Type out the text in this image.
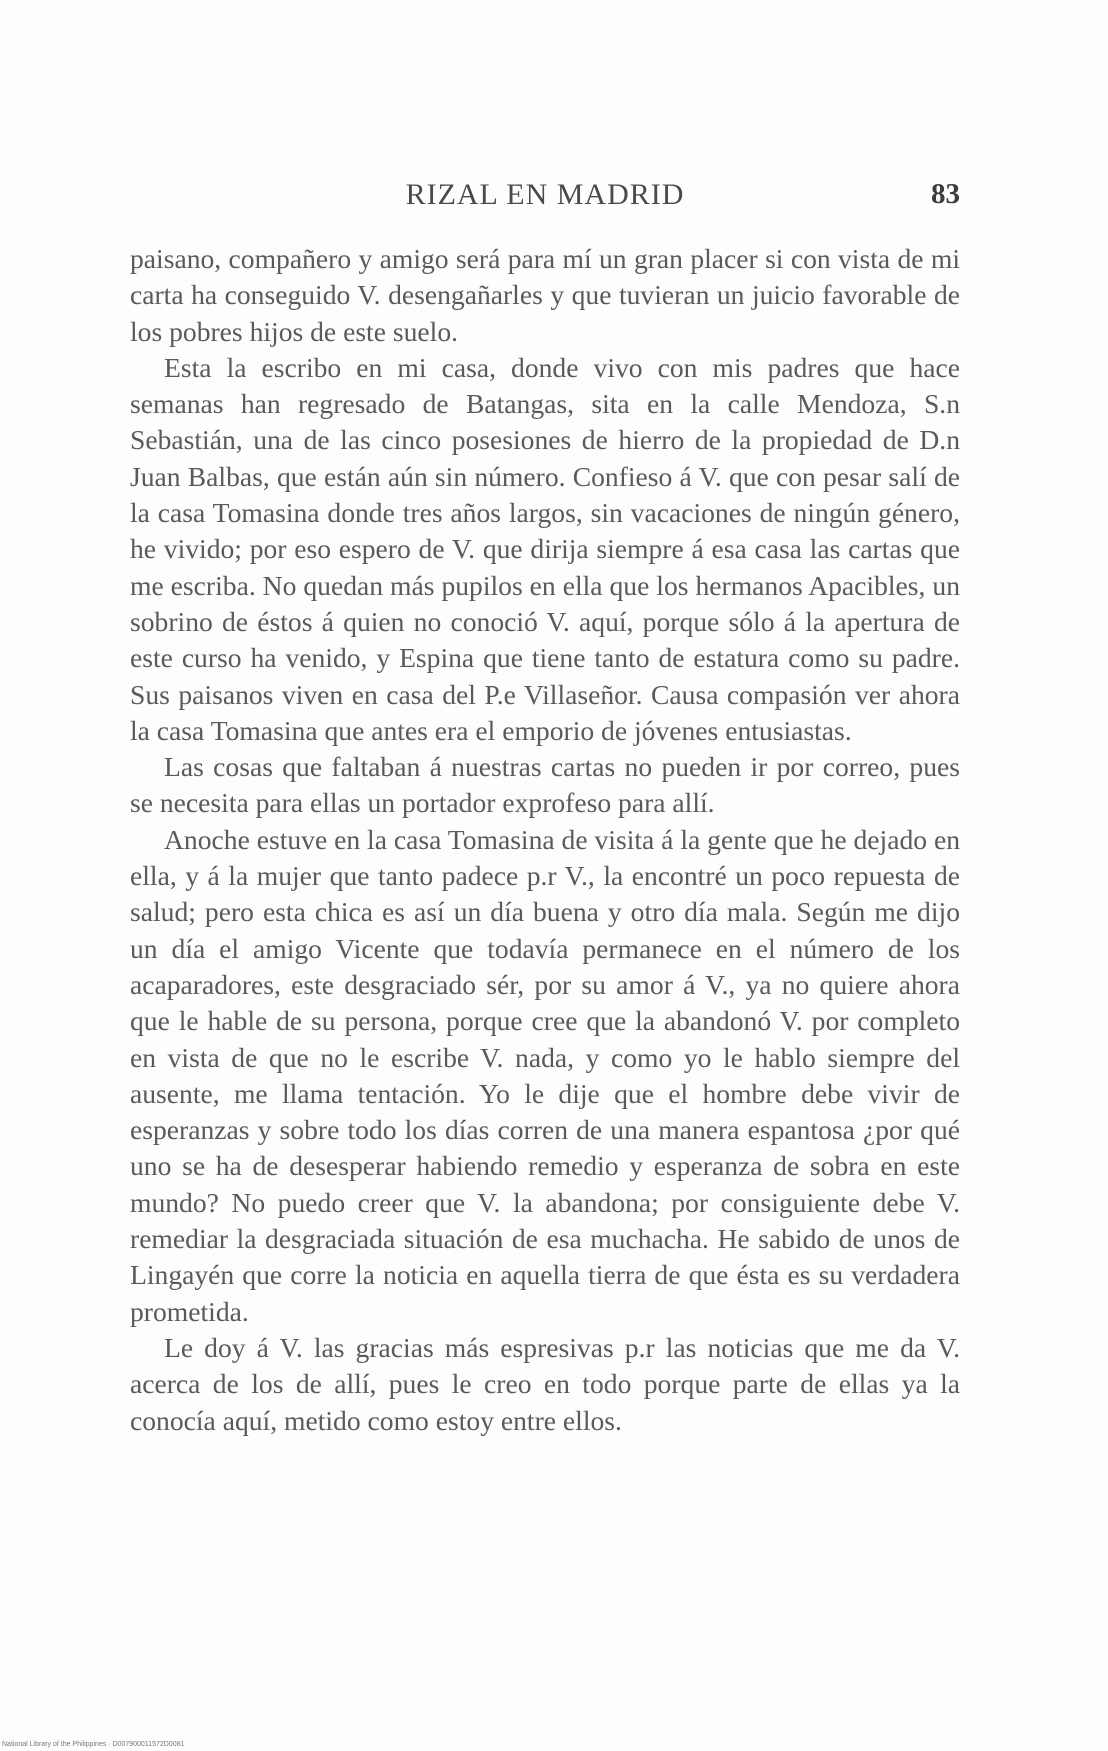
RIZAL EN MADRID	83

paisano, compañero y amigo será para mí un gran placer si con vista de mi carta ha conseguido V. desengañarles y que tuvieran un juicio favorable de los pobres hijos de este suelo.

Esta la escribo en mi casa, donde vivo con mis padres que hace semanas han regresado de Batangas, sita en la calle Mendoza, S.n Sebastián, una de las cinco posesiones de hierro de la propiedad de D.n Juan Balbas, que están aún sin número. Confieso á V. que con pesar salí de la casa Tomasina donde tres años largos, sin vacaciones de ningún género, he vivido; por eso espero de V. que dirija siempre á esa casa las cartas que me escriba. No quedan más pupilos en ella que los hermanos Apacibles, un sobrino de éstos á quien no conoció V. aquí, porque sólo á la apertura de este curso ha venido, y Espina que tiene tanto de estatura como su padre. Sus paisanos viven en casa del P.e Villaseñor. Causa compasión ver ahora la casa Tomasina que antes era el emporio de jóvenes entusiastas.

Las cosas que faltaban á nuestras cartas no pueden ir por correo, pues se necesita para ellas un portador exprofeso para allí.

Anoche estuve en la casa Tomasina de visita á la gente que he dejado en ella, y á la mujer que tanto padece p.r V., la encontré un poco repuesta de salud; pero esta chica es así un día buena y otro día mala. Según me dijo un día el amigo Vicente que todavía permanece en el número de los acaparadores, este desgraciado sér, por su amor á V., ya no quiere ahora que le hable de su persona, porque cree que la abandonó V. por completo en vista de que no le escribe V. nada, y como yo le hablo siempre del ausente, me llama tentación. Yo le dije que el hombre debe vivir de esperanzas y sobre todo los días corren de una manera espantosa ¿por qué uno se ha de desesperar habiendo remedio y esperanza de sobra en este mundo? No puedo creer que V. la abandona; por consiguiente debe V. remediar la desgraciada situación de esa muchacha. He sabido de unos de Lingayén que corre la noticia en aquella tierra de que ésta es su verdadera prometida.

Le doy á V. las gracias más espresivas p.r las noticias que me da V. acerca de los de allí, pues le creo en todo porque parte de ellas ya la conocía aquí, metido como estoy entre ellos.

National Library of the Philippines · D007900011572D0081
